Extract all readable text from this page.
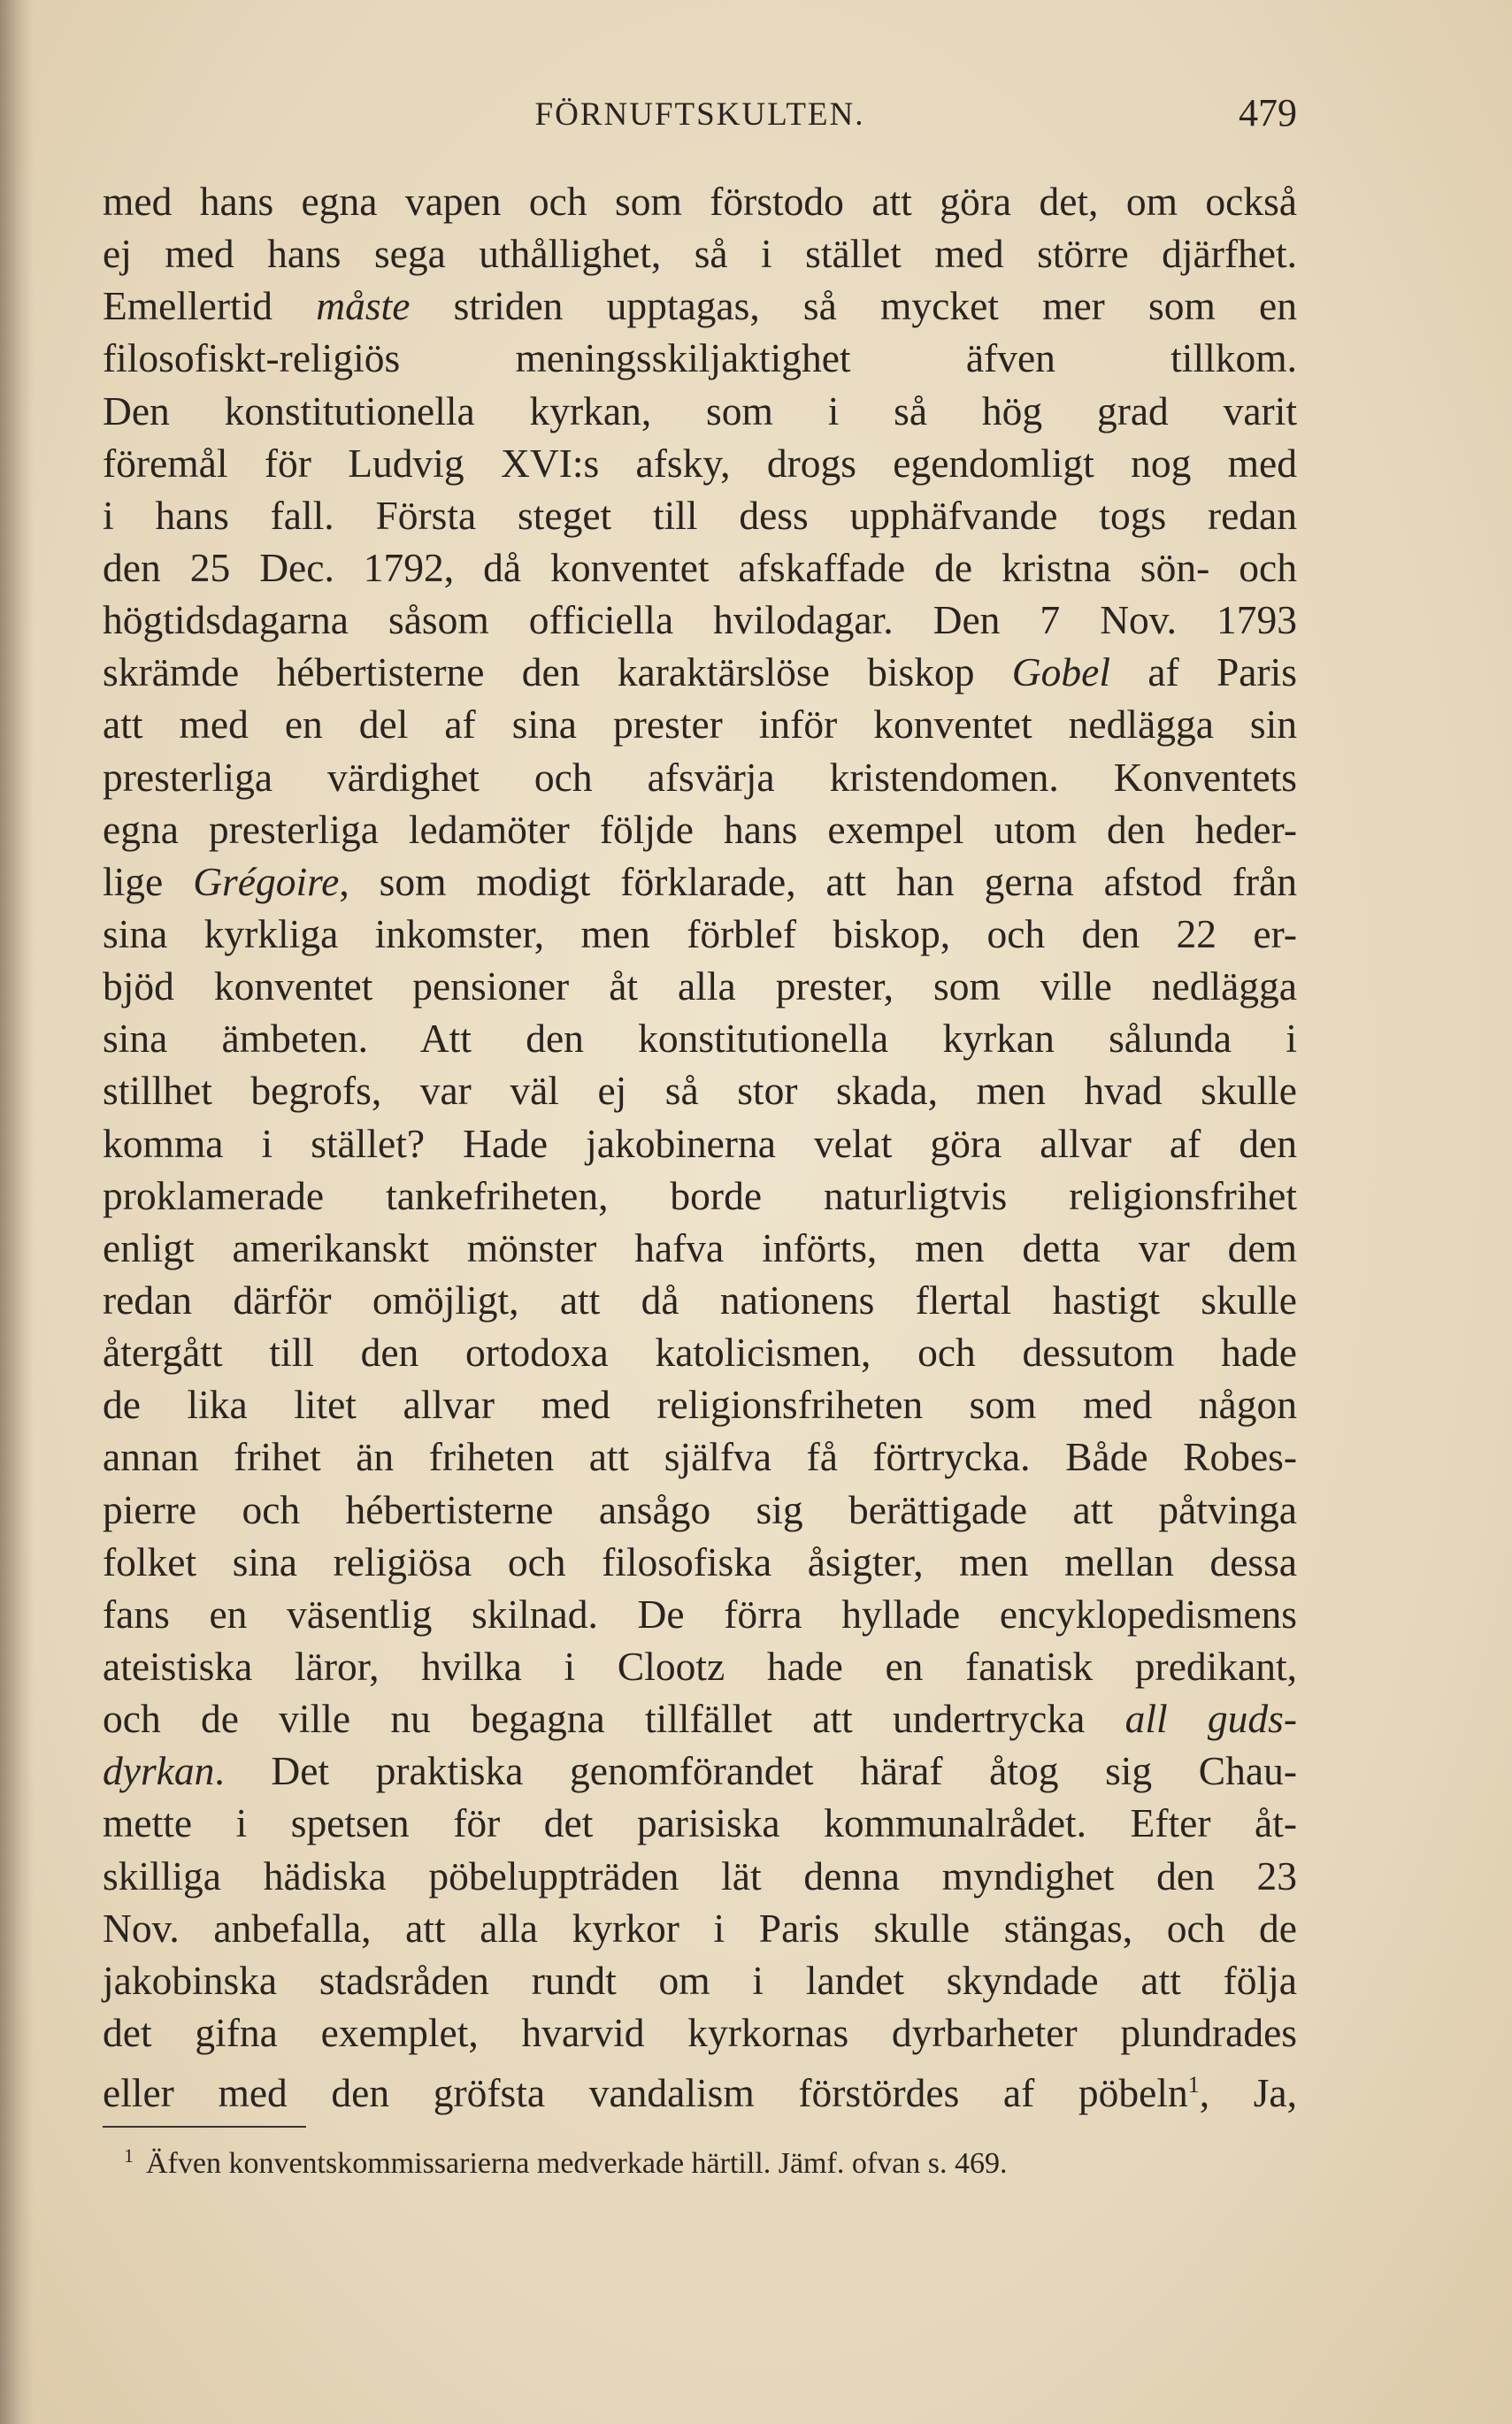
FÖRNUFTSKULTEN.	479
med hans egna vapen och som förstodo att göra det, om också
ej med hans sega uthållighet, så i stället med större djärfhet.
Emellertid måste striden upptagas, så mycket mer som en
filosofiskt-religiös meningsskiljaktighet äfven tillkom.
Den konstitutionella kyrkan, som i så hög grad varit
föremål för Ludvig XVI:s afsky, drogs egendomligt nog med
i hans fall. Första steget till dess upphäfvande togs redan
den 25 Dec. 1792, då konventet afskaffade de kristna sön- och
högtidsdagarna såsom officiella hvilodagar. Den 7 Nov. 1793
skrämde hébertisterne den karaktärslöse biskop Gobel af Paris
att med en del af sina prester inför konventet nedlägga sin
presterliga värdighet och afsvärja kristendomen. Konventets
egna presterliga ledamöter följde hans exempel utom den heder-
lige Grégoire, som modigt förklarade, att han gerna afstod från
sina kyrkliga inkomster, men förblef biskop, och den 22 er-
bjöd konventet pensioner åt alla prester, som ville nedlägga
sina ämbeten. Att den konstitutionella kyrkan sålunda i
stillhet begrofs, var väl ej så stor skada, men hvad skulle
komma i stället? Hade jakobinerna velat göra allvar af den
proklamerade tankefriheten, borde naturligtvis religionsfrihet
enligt amerikanskt mönster hafva införts, men detta var dem
redan därför omöjligt, att då nationens flertal hastigt skulle
återgått till den ortodoxa katolicismen, och dessutom hade
de lika litet allvar med religionsfriheten som med någon
annan frihet än friheten att själfva få förtrycka. Både Robes-
pierre och hébertisterne ansågo sig berättigade att påtvinga
folket sina religiösa och filosofiska åsigter, men mellan dessa
fans en väsentlig skilnad. De förra hyllade encyklopedismens
ateistiska läror, hvilka i Clootz hade en fanatisk predikant,
och de ville nu begagna tillfället att undertrycka all guds-
dyrkan. Det praktiska genomförandet häraf åtog sig Chau-
mette i spetsen för det parisiska kommunalrådet. Efter åt-
skilliga hädiska pöbeluppträden lät denna myndighet den 23
Nov. anbefalla, att alla kyrkor i Paris skulle stängas, och de
jakobinska stadsråden rundt om i landet skyndade att följa
det gifna exemplet, hvarvid kyrkornas dyrbarheter plundrades
eller med den gröfsta vandalism förstördes af pöbeln$^1$, Ja,
$^1$ Äfven konventskommissarierna medverkade härtill. Jämf. ofvan s. 469.
